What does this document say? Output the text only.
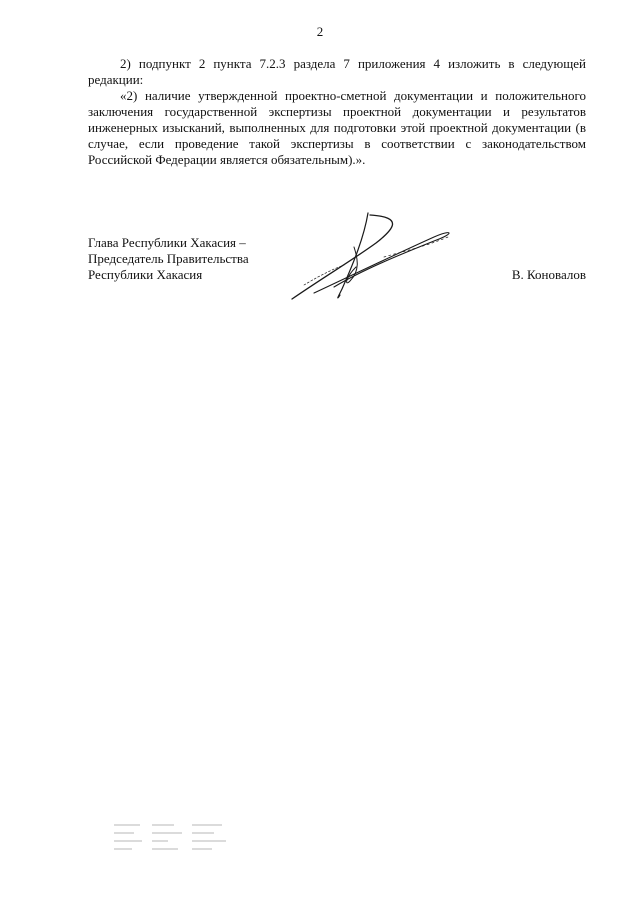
2

2) подпункт 2 пункта 7.2.3 раздела 7 приложения 4 изложить в следующей редакции:

«2) наличие утвержденной проектно-сметной документации и положительного заключения государственной экспертизы проектной документации и результатов инженерных изысканий, выполненных для подготовки этой проектной документации (в случае, если проведение такой экспертизы в соответствии с законодательством Российской Федерации является обязательным).».

Глава Республики Хакасия –
Председатель Правительства
Республики Хакасия	В. Коновалов
